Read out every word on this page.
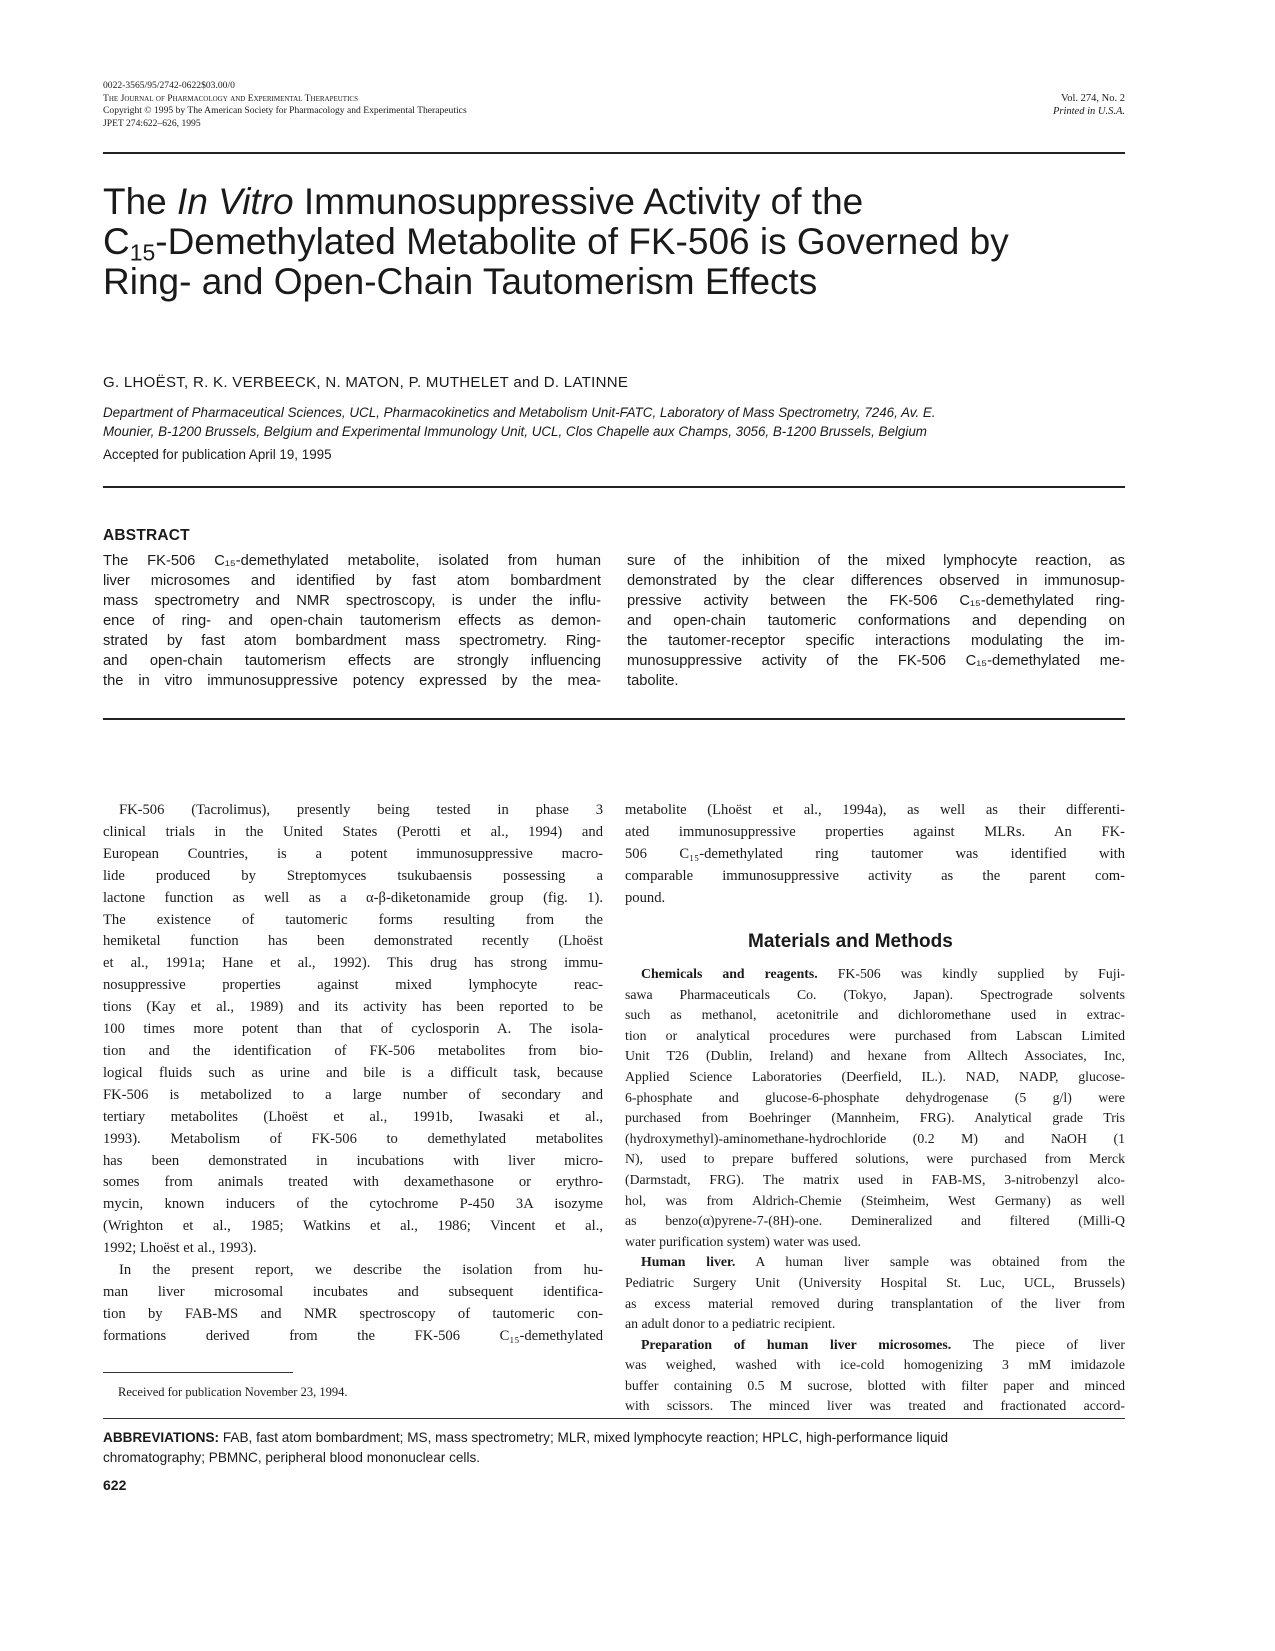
0022-3565/95/2742-0622$03.00/0
The Journal of Pharmacology and Experimental Therapeutics
Copyright © 1995 by The American Society for Pharmacology and Experimental Therapeutics
JPET 274:622–626, 1995
Vol. 274, No. 2
Printed in U.S.A.
The In Vitro Immunosuppressive Activity of the
$C_{15}$-Demethylated Metabolite of FK-506 is Governed by
Ring- and Open-Chain Tautomerism Effects
G. LHOËST, R. K. VERBEECK, N. MATON, P. MUTHELET and D. LATINNE
Department of Pharmaceutical Sciences, UCL, Pharmacokinetics and Metabolism Unit-FATC, Laboratory of Mass Spectrometry, 7246, Av. E.
Mounier, B-1200 Brussels, Belgium and Experimental Immunology Unit, UCL, Clos Chapelle aux Champs, 3056, B-1200 Brussels, Belgium
Accepted for publication April 19, 1995
ABSTRACT
The FK-506 C₁₅-demethylated metabolite, isolated from human
liver microsomes and identified by fast atom bombardment
mass spectrometry and NMR spectroscopy, is under the influ-
ence of ring- and open-chain tautomerism effects as demon-
strated by fast atom bombardment mass spectrometry. Ring-
and open-chain tautomerism effects are strongly influencing
the in vitro immunosuppressive potency expressed by the mea-
sure of the inhibition of the mixed lymphocyte reaction, as
demonstrated by the clear differences observed in immunosup-
pressive activity between the FK-506 C₁₅-demethylated ring-
and open-chain tautomeric conformations and depending on
the tautomer-receptor specific interactions modulating the im-
munosuppressive activity of the FK-506 C₁₅-demethylated me-
tabolite.
FK-506 (Tacrolimus), presently being tested in phase 3
clinical trials in the United States (Perotti et al., 1994) and
European Countries, is a potent immunosuppressive macro-
lide produced by Streptomyces tsukubaensis possessing a
lactone function as well as a α-β-diketonamide group (fig. 1).
The existence of tautomeric forms resulting from the
hemiketal function has been demonstrated recently (Lhoëst
et al., 1991a; Hane et al., 1992). This drug has strong immu-
nosuppressive properties against mixed lymphocyte reac-
tions (Kay et al., 1989) and its activity has been reported to be
100 times more potent than that of cyclosporin A. The isola-
tion and the identification of FK-506 metabolites from bio-
logical fluids such as urine and bile is a difficult task, because
FK-506 is metabolized to a large number of secondary and
tertiary metabolites (Lhoëst et al., 1991b, Iwasaki et al.,
1993). Metabolism of FK-506 to demethylated metabolites
has been demonstrated in incubations with liver micro-
somes from animals treated with dexamethasone or erythro-
mycin, known inducers of the cytochrome P-450 3A isozyme
(Wrighton et al., 1985; Watkins et al., 1986; Vincent et al.,
1992; Lhoëst et al., 1993).
In the present report, we describe the isolation from hu-
man liver microsomal incubates and subsequent identifica-
tion by FAB-MS and NMR spectroscopy of tautomeric con-
formations derived from the FK-506 C₁₅-demethylated
Received for publication November 23, 1994.
metabolite (Lhoëst et al., 1994a), as well as their differenti-
ated immunosuppressive properties against MLRs. An FK-
506 C₁₅-demethylated ring tautomer was identified with
comparable immunosuppressive activity as the parent com-
pound.
Materials and Methods
Chemicals and reagents. FK-506 was kindly supplied by Fuji-
sawa Pharmaceuticals Co. (Tokyo, Japan). Spectrograde solvents
such as methanol, acetonitrile and dichloromethane used in extrac-
tion or analytical procedures were purchased from Labscan Limited
Unit T26 (Dublin, Ireland) and hexane from Alltech Associates, Inc,
Applied Science Laboratories (Deerfield, IL.). NAD, NADP, glucose-
6-phosphate and glucose-6-phosphate dehydrogenase (5 g/l) were
purchased from Boehringer (Mannheim, FRG). Analytical grade Tris
(hydroxymethyl)-aminomethane-hydrochloride (0.2 M) and NaOH (1
N), used to prepare buffered solutions, were purchased from Merck
(Darmstadt, FRG). The matrix used in FAB-MS, 3-nitrobenzyl alco-
hol, was from Aldrich-Chemie (Steimheim, West Germany) as well
as benzo(α)pyrene-7-(8H)-one. Demineralized and filtered (Milli-Q
water purification system) water was used.
Human liver. A human liver sample was obtained from the
Pediatric Surgery Unit (University Hospital St. Luc, UCL, Brussels)
as excess material removed during transplantation of the liver from
an adult donor to a pediatric recipient.
Preparation of human liver microsomes. The piece of liver
was weighed, washed with ice-cold homogenizing 3 mM imidazole
buffer containing 0.5 M sucrose, blotted with filter paper and minced
with scissors. The minced liver was treated and fractionated accord-
ABBREVIATIONS: FAB, fast atom bombardment; MS, mass spectrometry; MLR, mixed lymphocyte reaction; HPLC, high-performance liquid
chromatography; PBMNC, peripheral blood mononuclear cells.
622
